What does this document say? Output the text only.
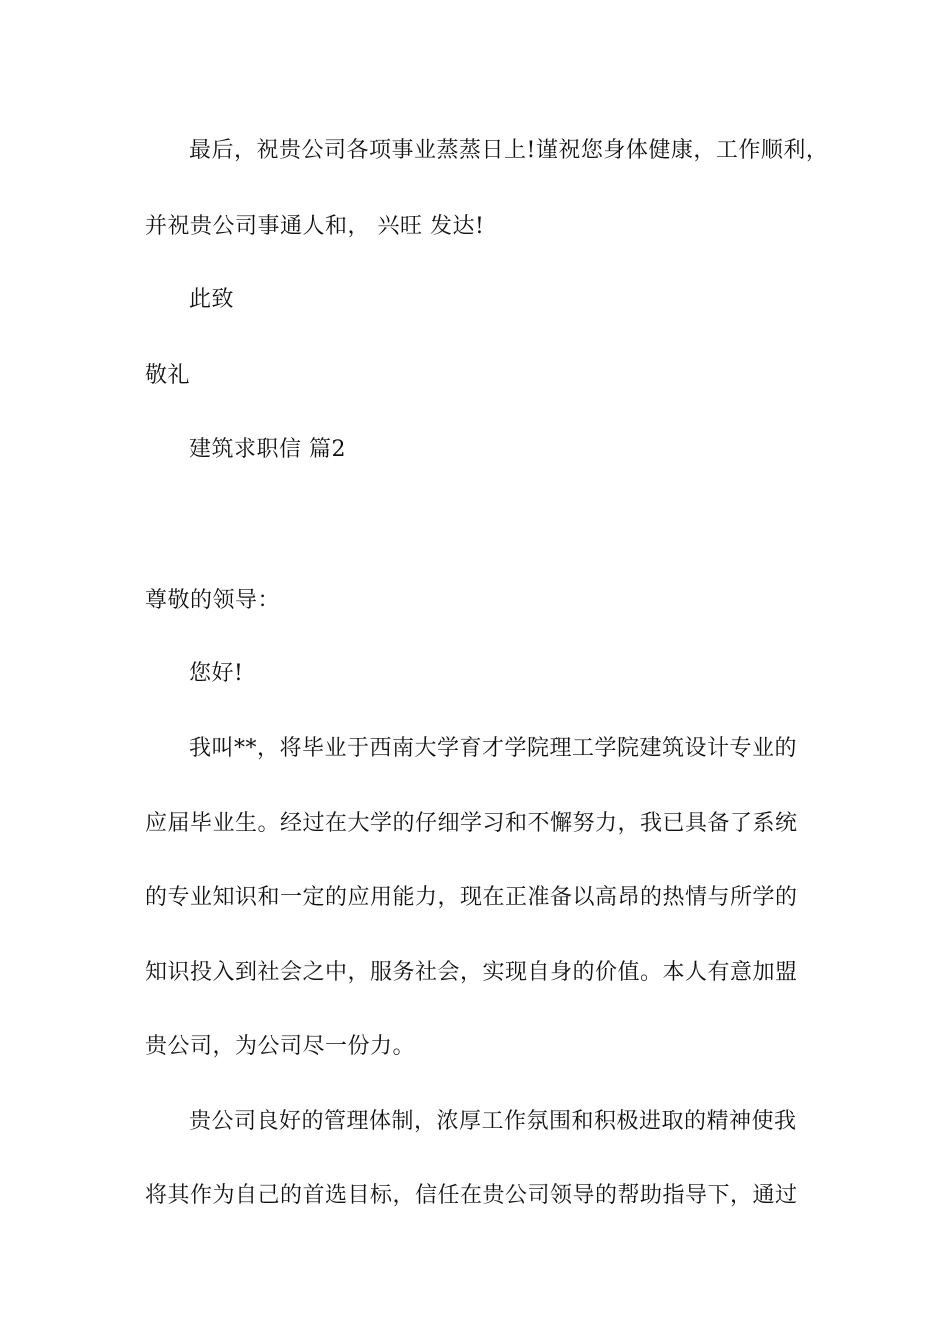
最后，祝贵公司各项事业蒸蒸日上!谨祝您身体健康，工作顺利，
并祝贵公司事通人和， 兴旺 发达!
此致
敬礼
建筑求职信 篇2
尊敬的领导：
您好!
我叫**，将毕业于西南大学育才学院理工学院建筑设计专业的
应届毕业生。经过在大学的仔细学习和不懈努力，我已具备了系统
的专业知识和一定的应用能力，现在正准备以高昂的热情与所学的
知识投入到社会之中，服务社会，实现自身的价值。本人有意加盟
贵公司，为公司尽一份力。
贵公司良好的管理体制，浓厚工作氛围和积极进取的精神使我
将其作为自己的首选目标，信任在贵公司领导的帮助指导下，通过
